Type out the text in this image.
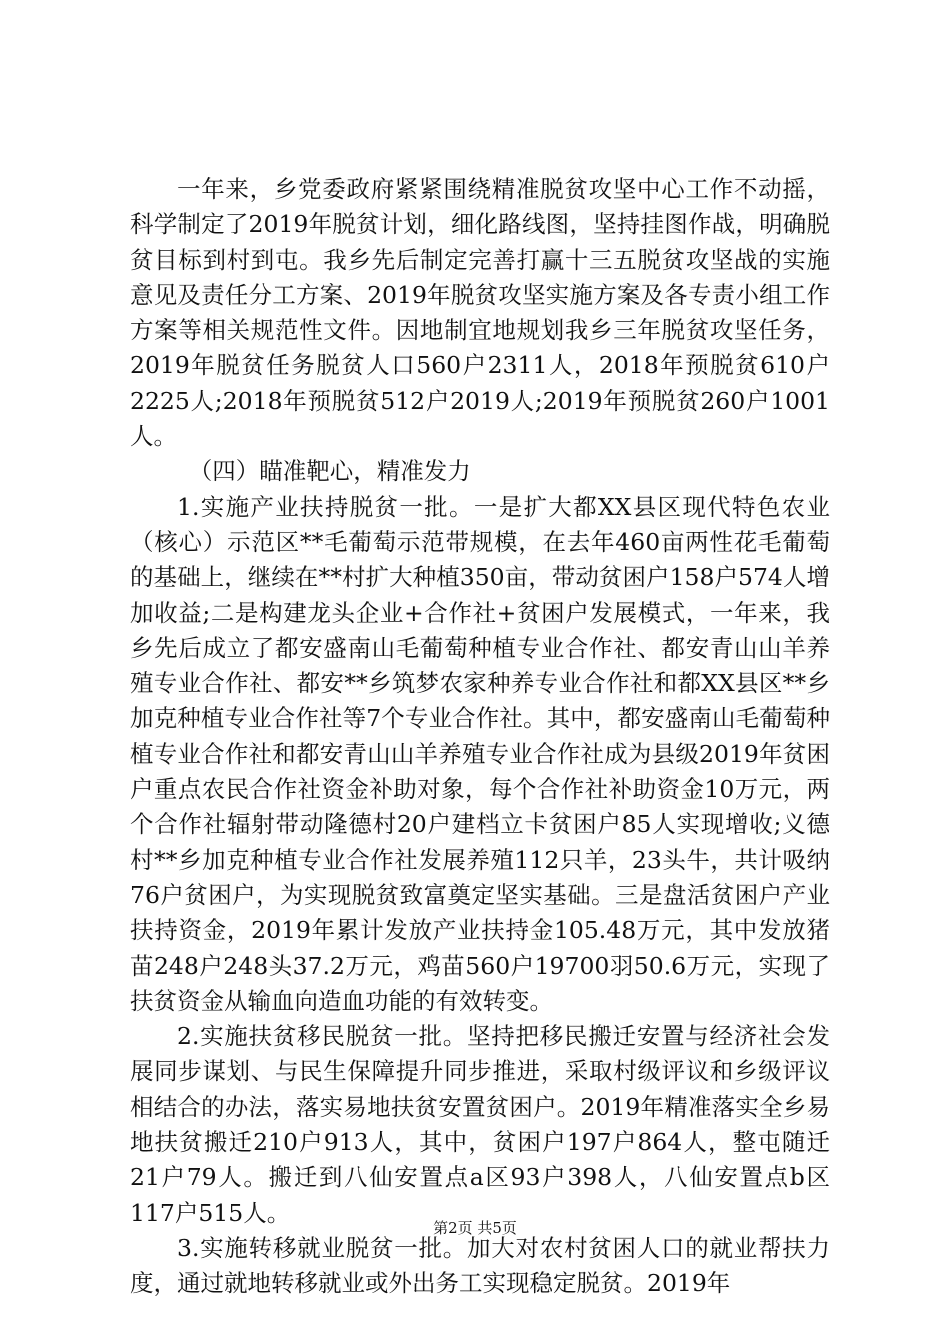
一年来，乡党委政府紧紧围绕精准脱贫攻坚中心工作不动摇，科学制定了2019年脱贫计划，细化路线图，坚持挂图作战，明确脱贫目标到村到屯。我乡先后制定完善打赢十三五脱贫攻坚战的实施意见及责任分工方案、2019年脱贫攻坚实施方案及各专责小组工作方案等相关规范性文件。因地制宜地规划我乡三年脱贫攻坚任务，2019年脱贫任务脱贫人口560户2311人，2018年预脱贫610户2225人;2018年预脱贫512户2019人;2019年预脱贫260户1001人。

（四）瞄准靶心，精准发力

1.实施产业扶持脱贫一批。一是扩大都XX县区现代特色农业（核心）示范区**毛葡萄示范带规模，在去年460亩两性花毛葡萄的基础上，继续在**村扩大种植350亩，带动贫困户158户574人增加收益;二是构建龙头企业+合作社+贫困户发展模式，一年来，我乡先后成立了都安盛南山毛葡萄种植专业合作社、都安青山山羊养殖专业合作社、都安**乡筑梦农家种养专业合作社和都XX县区**乡加克种植专业合作社等7个专业合作社。其中，都安盛南山毛葡萄种植专业合作社和都安青山山羊养殖专业合作社成为县级2019年贫困户重点农民合作社资金补助对象，每个合作社补助资金10万元，两个合作社辐射带动隆德村20户建档立卡贫困户85人实现增收;义德村**乡加克种植专业合作社发展养殖112只羊，23头牛，共计吸纳76户贫困户，为实现脱贫致富奠定坚实基础。三是盘活贫困户产业扶持资金，2019年累计发放产业扶持金105.48万元，其中发放猪苗248户248头37.2万元，鸡苗560户19700羽50.6万元，实现了扶贫资金从输血向造血功能的有效转变。

2.实施扶贫移民脱贫一批。坚持把移民搬迁安置与经济社会发展同步谋划、与民生保障提升同步推进，采取村级评议和乡级评议相结合的办法，落实易地扶贫安置贫困户。2019年精准落实全乡易地扶贫搬迁210户913人，其中，贫困户197户864人，整屯随迁21户79人。搬迁到八仙安置点a区93户398人，八仙安置点b区117户515人。

3.实施转移就业脱贫一批。加大对农村贫困人口的就业帮扶力度，通过就地转移就业或外出务工实现稳定脱贫。2019年

第2页 共5页
